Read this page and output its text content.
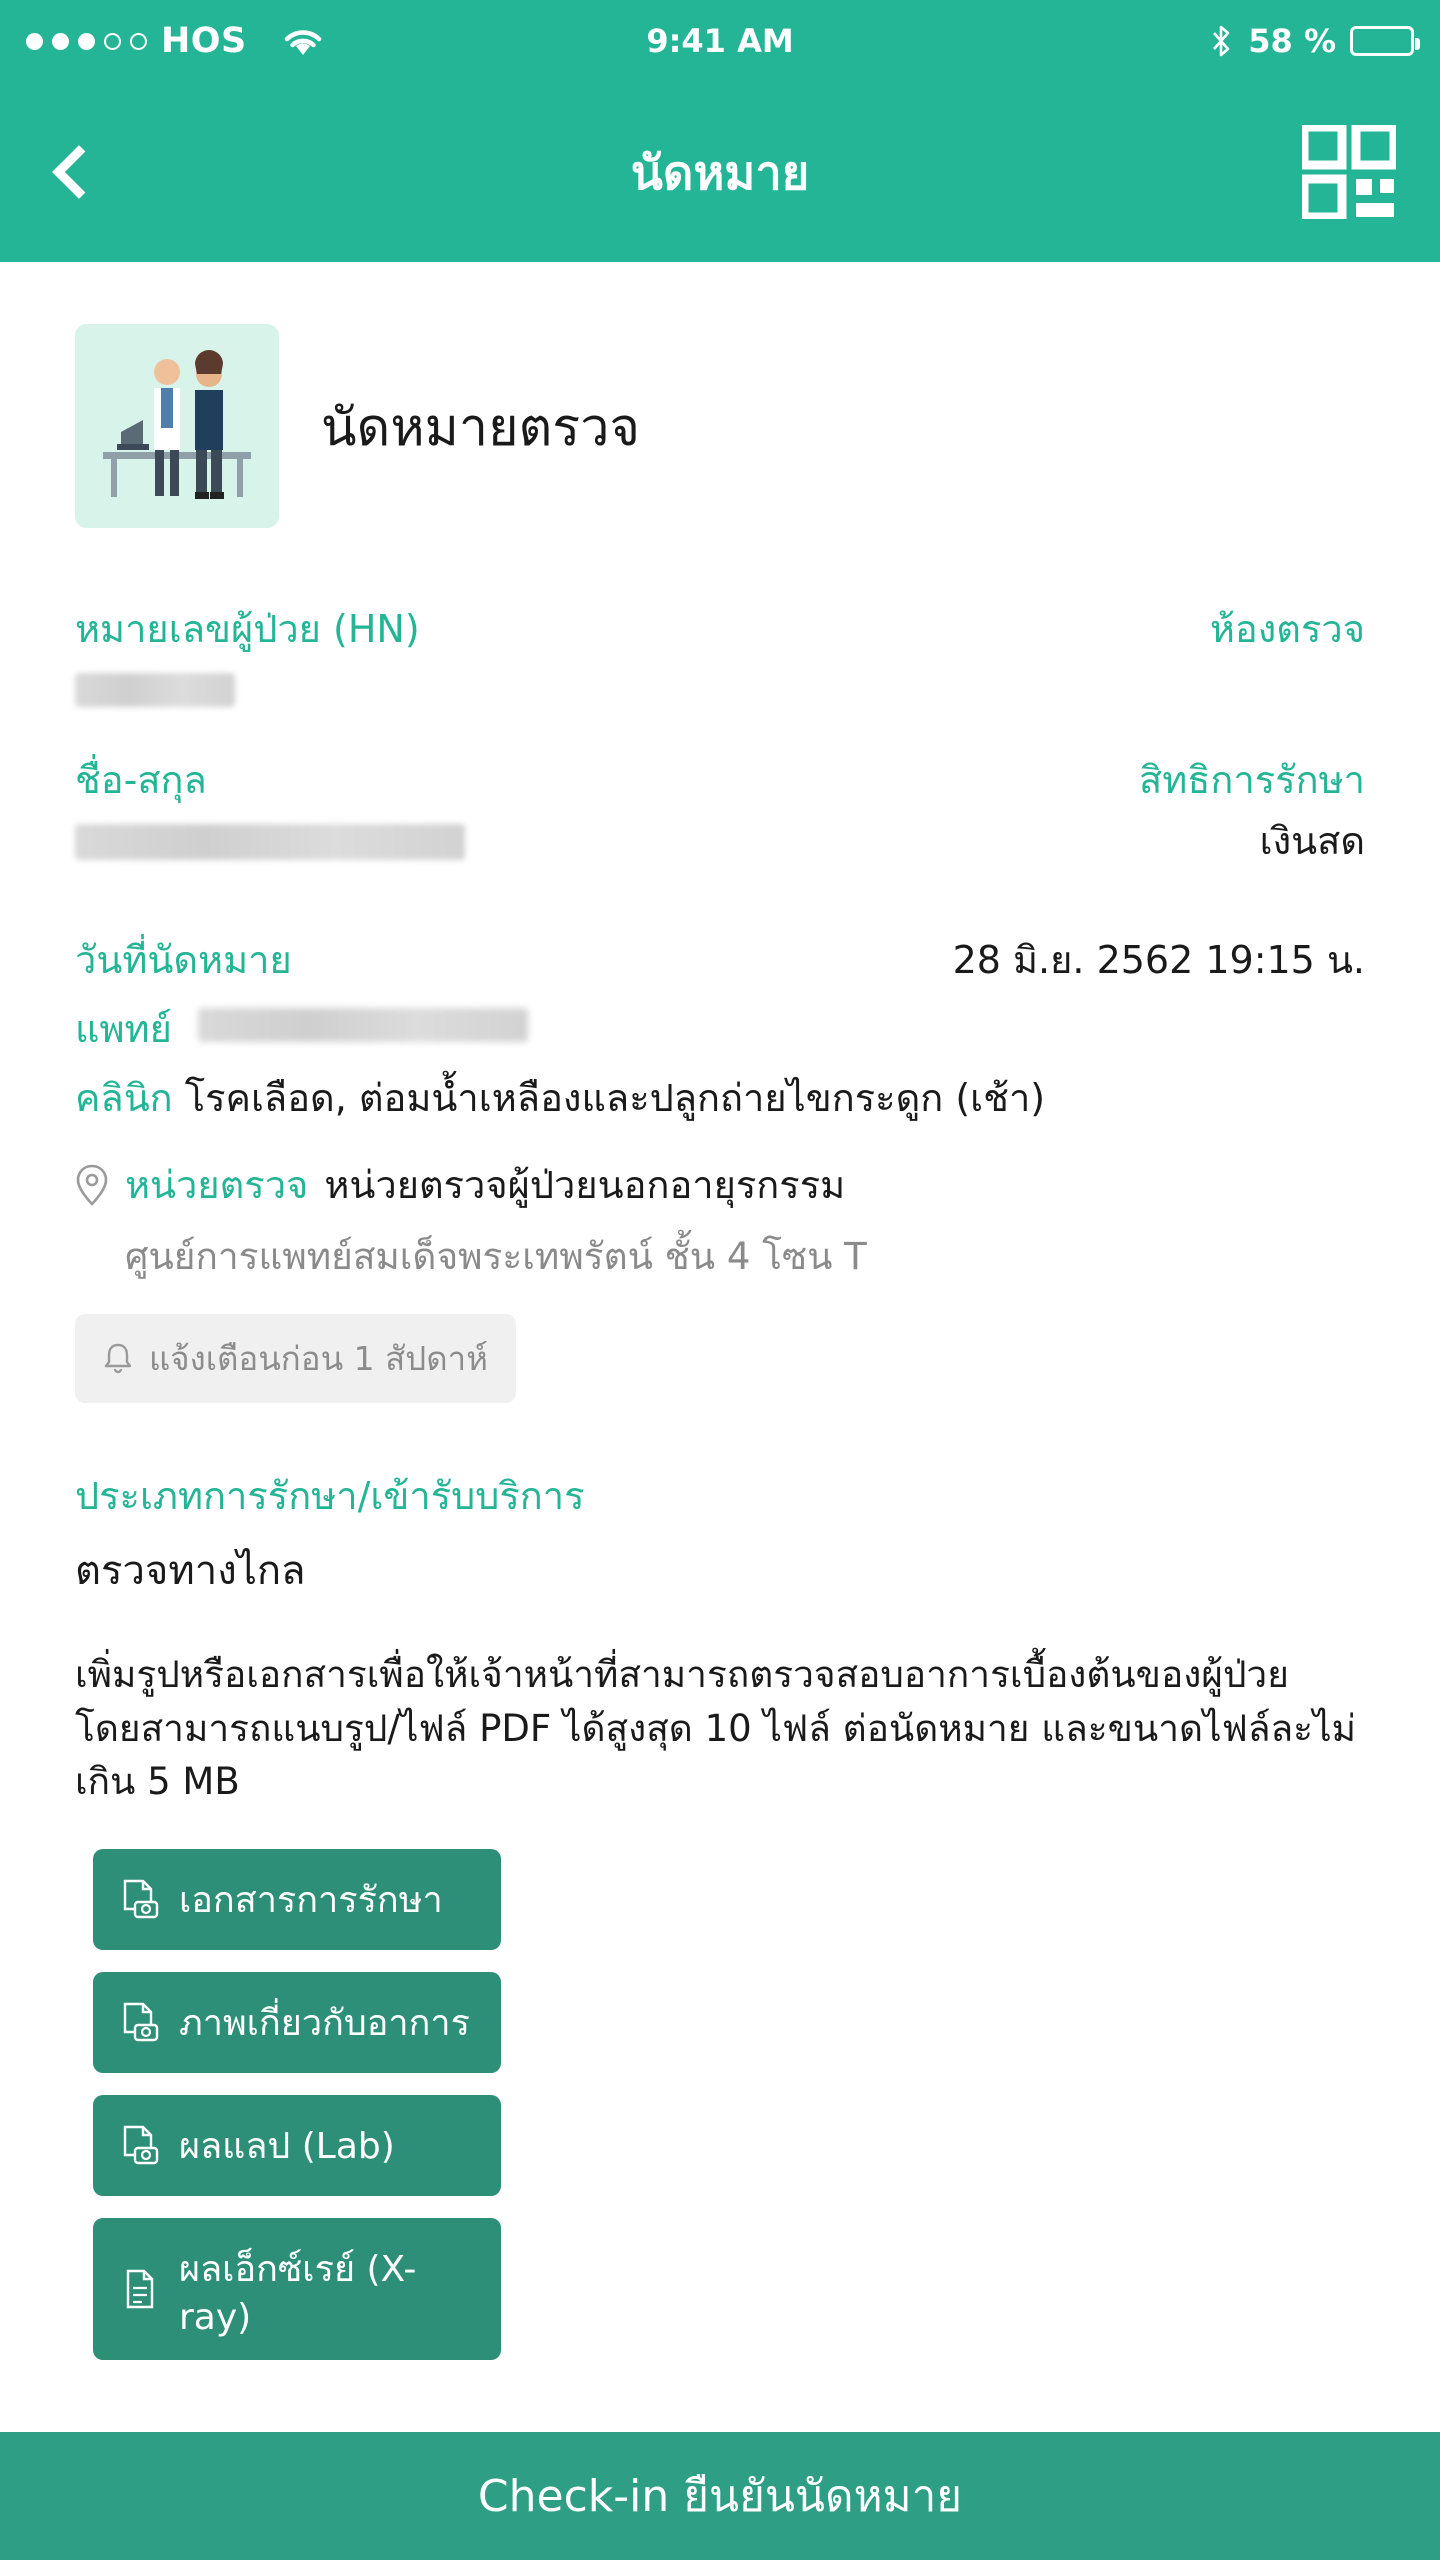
HOS	9:41 AM	58 %
นัดหมาย
นัดหมายตรวจ
หมายเลขผู้ป่วย (HN)	ห้องตรวจ
ชื่อ-สกุล	สิทธิการรักษา
เงินสด
วันที่นัดหมาย	28 มิ.ย. 2562 19:15 น.
แพทย์
คลินิก โรคเลือด, ต่อมน้ำเหลืองและปลูกถ่ายไขกระดูก (เช้า)
หน่วยตรวจ หน่วยตรวจผู้ป่วยนอกอายุรกรรม
ศูนย์การแพทย์สมเด็จพระเทพรัตน์ ชั้น 4 โซน T
แจ้งเตือนก่อน 1 สัปดาห์
ประเภทการรักษา/เข้ารับบริการ
ตรวจทางไกล
เพิ่มรูปหรือเอกสารเพื่อให้เจ้าหน้าที่สามารถตรวจสอบอาการเบื้องต้นของผู้ป่วย โดยสามารถแนบรูป/ไฟล์ PDF ได้สูงสุด 10 ไฟล์ ต่อนัดหมาย และขนาดไฟล์ละไม่เกิน 5 MB
เอกสารการรักษา
ภาพเกี่ยวกับอาการ
ผลแลป (Lab)
ผลเอ็กซ์เรย์ (X-ray)
Check-in ยืนยันนัดหมาย
